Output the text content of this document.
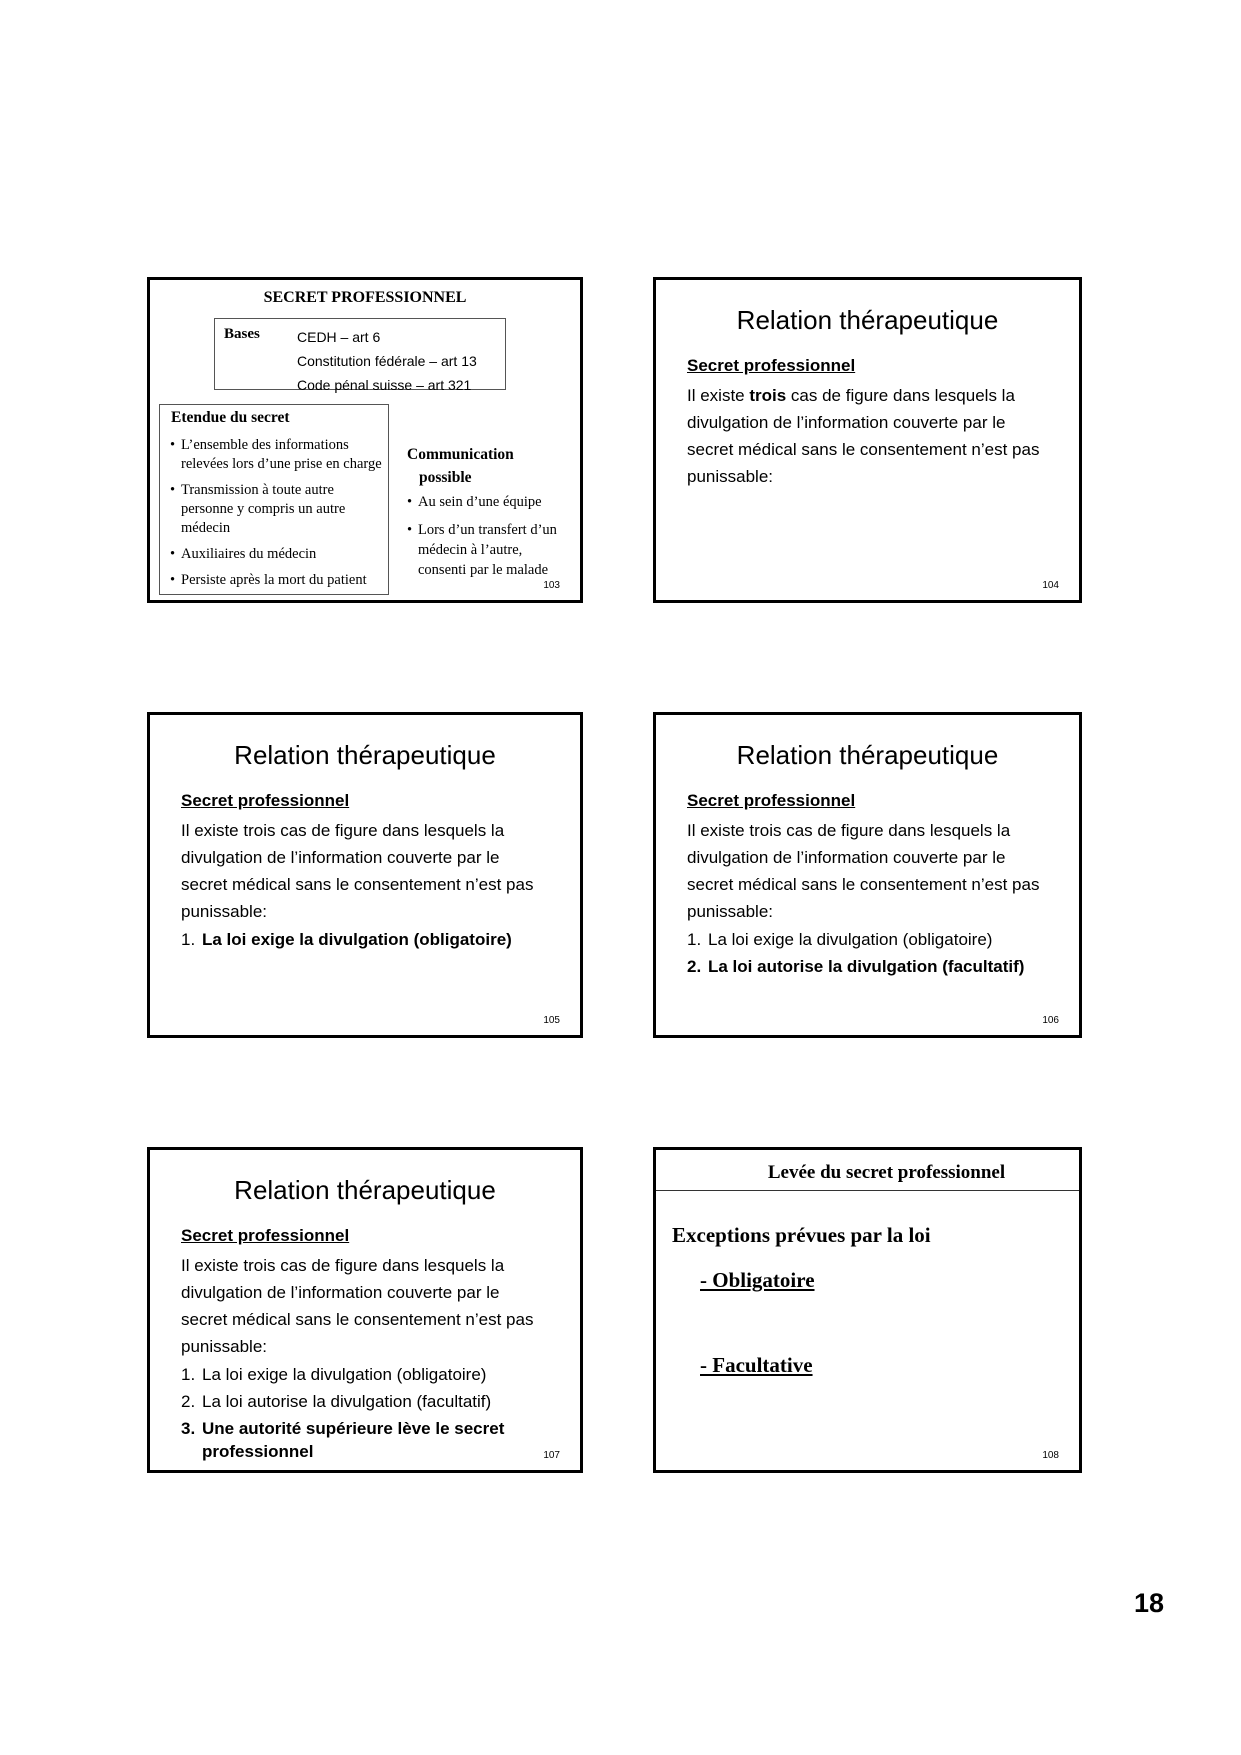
SECRET PROFESSIONNEL
Bases	CEDH – art 6
Constitution fédérale – art 13
Code pénal suisse – art 321
Etendue du secret
• L’ensemble des informations relevées lors d’une prise en charge
• Transmission à toute autre personne y compris un autre médecin
• Auxiliaires du médecin
• Persiste après la mort du patient
Communication
possible
• Au sein d’une équipe
• Lors d’un transfert d’un médecin à l’autre, consenti par le malade
103
Relation thérapeutique
Secret professionnel

Il existe trois cas de figure dans lesquels la divulgation de l’information couverte par le secret médical sans le consentement n’est pas punissable:

104
Relation thérapeutique
Secret professionnel

Il existe trois cas de figure dans lesquels la divulgation de l’information couverte par le secret médical sans le consentement n’est pas punissable:

1. La loi exige la divulgation (obligatoire)
105
Relation thérapeutique
Secret professionnel

Il existe trois cas de figure dans lesquels la divulgation de l’information couverte par le secret médical sans le consentement n’est pas punissable:

1. La loi exige la divulgation (obligatoire)
2. La loi autorise la divulgation (facultatif)
106
Relation thérapeutique
Secret professionnel

Il existe trois cas de figure dans lesquels la divulgation de l’information couverte par le secret médical sans le consentement n’est pas punissable:

1. La loi exige la divulgation (obligatoire)
2. La loi autorise la divulgation (facultatif)
3. Une autorité supérieure lève le secret professionnel	107
Levée du secret professionnel
Exceptions prévues par la loi
- Obligatoire
- Facultative
108
18
